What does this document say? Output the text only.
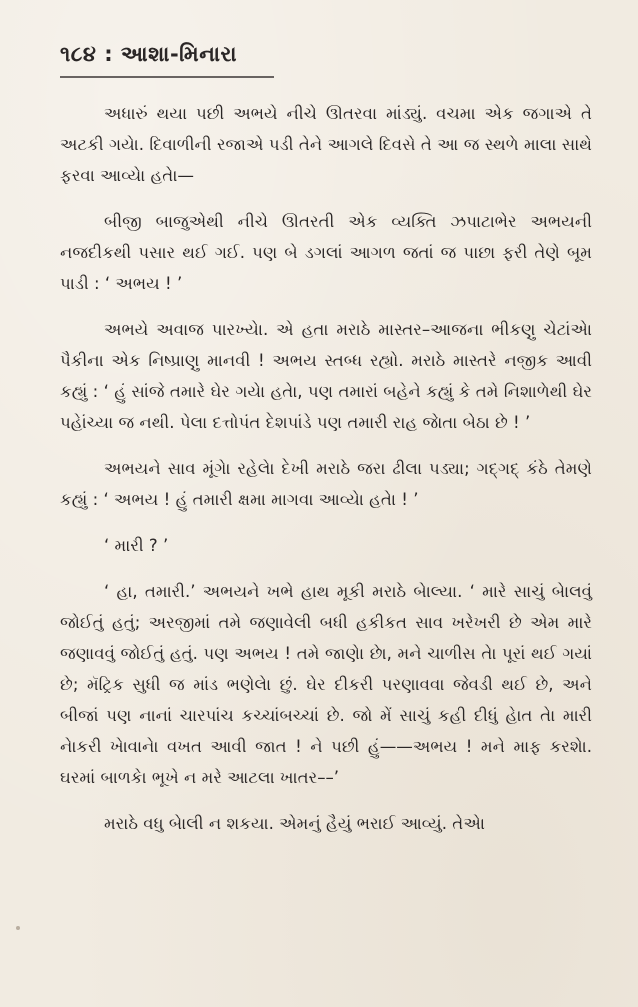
૧૮૪ : આશા-મિનારા

અધારું થયા પછી અભયે નીચે ઊતરવા માંડ્યું. વચમા એક જગાએ તે અટકી ગયેા. દિવાળીની રજાએ પડી તેને આગલે દિવસે તે આ જ સ્થળે માલા સાથે ફરવા આવ્યેા હતેા—

બીજી બાજુએથી નીચે ઊતરતી એક વ્યક્તિ ઝપાટાભેર અભયની નજદીકથી પસાર થઈ ગઈ. પણ બે ડગલાં આગળ જતાં જ પાછા ફરી તેણે બૂમ પાડી : ‘ અભય ! ’

અભયે અવાજ પારખ્યેા. એ હતા મરાઠે માસ્તર–આજના ભીકણુ ચેટાંએા પૈકીના એક નિષ્પ્રાણુ માનવી ! અભય સ્તબ્ધ રહ્યો. મરાઠે માસ્તરે નજીક આવી કહ્યું : ‘ હું સાંજે તમારે ઘેર ગયેા હતેા, પણ તમારાં બહેને કહ્યું કે તમે નિશાળેથી ઘેર પહેાંચ્યા જ નથી. પેલા દત્તોપંત દેશપાંડે પણ તમારી રાહ જેાતા બેઠા છે ! ’

અભયને સાવ મૂંગેા રહેલેા દેખી મરાઠે જરા ઢીલા પડ્યા; ગદ્ગદ્ કંઠે તેમણે કહ્યું : ‘ અભય ! હું તમારી ક્ષમા માગવા આવ્યેા હતેા ! ’

‘ મારી ? ’

‘ હા, તમારી.’ અભયને ખભે હાથ મૂકી મરાઠે બેાલ્યા. ‘ મારે સાચું બેાલવું જોઈતું હતું; અરજીમાં તમે જણાવેલી બધી હકીકત સાવ ખરેખરી છે એમ મારે જણાવવું જોઈતું હતું. પણ અભય ! તમે જાણેા છેા, મને ચાળીસ તેા પૂરાં થઈ ગયાં છે; મૅટ્રિક સુધી જ માંડ ભણેલેા છું. ઘેર દીકરી પરણાવવા જેવડી થઈ છે, અને બીજાં પણ નાનાં ચારપાંચ કચ્ચાંબચ્ચાં છે. જો મેં સાચું કહી દીધું હેાત તેા મારી નેાકરી ખેાવાનેા વખત આવી જાત ! ને પછી હું——અભય ! મને માફ કરશેા. ઘરમાં બાળકેા ભૂખે ન મરે આટલા ખાતર––’

મરાઠે વધુ બેાલી ન શકયા. એમનું હૈયું ભરાઈ આવ્યું. તેએા
